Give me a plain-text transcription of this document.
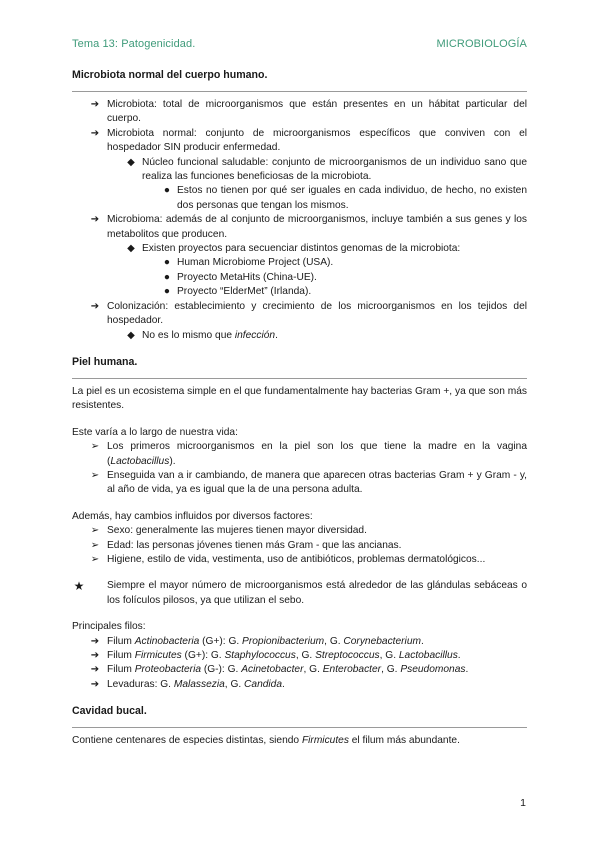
Tema 13: Patogenicidad.	MICROBIOLOGÍA
Microbiota normal del cuerpo humano.
➔ Microbiota: total de microorganismos que están presentes en un hábitat particular del cuerpo.
➔ Microbiota normal: conjunto de microorganismos específicos que conviven con el hospedador SIN producir enfermedad.
◆ Núcleo funcional saludable: conjunto de microorganismos de un individuo sano que realiza las funciones beneficiosas de la microbiota.
● Estos no tienen por qué ser iguales en cada individuo, de hecho, no existen dos personas que tengan los mismos.
➔ Microbioma: además de al conjunto de microorganismos, incluye también a sus genes y los metabolitos que producen.
◆ Existen proyectos para secuenciar distintos genomas de la microbiota:
● Human Microbiome Project (USA).
● Proyecto MetaHits (China-UE).
● Proyecto “ElderMet” (Irlanda).
➔ Colonización: establecimiento y crecimiento de los microorganismos en los tejidos del hospedador.
◆ No es lo mismo que infección.
Piel humana.

La piel es un ecosistema simple en el que fundamentalmente hay bacterias Gram +, ya que son más resistentes.

Este varía a lo largo de nuestra vida:

➢ Los primeros microorganismos en la piel son los que tiene la madre en la vagina (Lactobacillus).
➢ Enseguida van a ir cambiando, de manera que aparecen otras bacterias Gram + y Gram - y, al año de vida, ya es igual que la de una persona adulta.

Además, hay cambios influidos por diversos factores:

➢ Sexo: generalmente las mujeres tienen mayor diversidad.
➢ Edad: las personas jóvenes tienen más Gram - que las ancianas.
➢ Higiene, estilo de vida, vestimenta, uso de antibióticos, problemas dermatológicos...
★ Siempre el mayor número de microorganismos está alrededor de las glándulas sebáceas o los folículos pilosos, ya que utilizan el sebo.

Principales filos:

➔ Filum Actinobacteria (G+): G. Propionibacterium, G. Corynebacterium.
➔ Filum Firmicutes (G+): G. Staphylococcus, G. Streptococcus, G. Lactobacillus.
➔ Filum Proteobacteria (G-): G. Acinetobacter, G. Enterobacter, G. Pseudomonas.
➔ Levaduras: G. Malassezia, G. Candida.
Cavidad bucal.

Contiene centenares de especies distintas, siendo Firmicutes el filum más abundante.

1
